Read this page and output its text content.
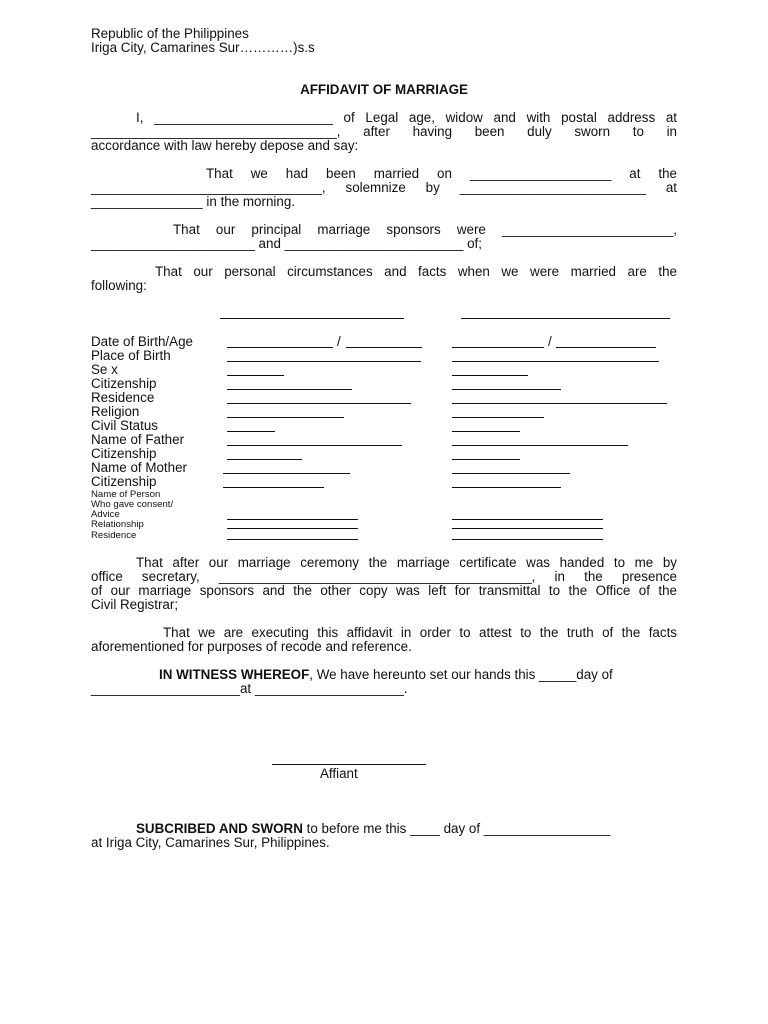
Republic of the Philippines
Iriga City, Camarines Sur…………)s.s
AFFIDAVIT OF MARRIAGE
I, ________________________ of Legal age, widow and with postal address at
_________________________________, after having been duly sworn to in
accordance with law hereby depose and say:
That we had been married on ___________________ at the
_______________________________, solemnize by _________________________ at
_______________ in the morning.
That our principal marriage sponsors were _______________________,
______________________ and ________________________ of;
That our personal circumstances and facts when we were married are the
following:
Date of Birth/Age
Place of Birth
Se x
Citizenship
Residence
Religion
Civil Status
Name of Father
Citizenship
Name of Mother
Citizenship
Name of Person
Who gave consent/
Advice
Relationship
Residence
/	/
That after our marriage ceremony the marriage certificate was handed to me by
office secretary, __________________________________________, in the presence
of our marriage sponsors and the other copy was left for transmittal to the Office of the
Civil Registrar;
That we are executing this affidavit in order to attest to the truth of the facts
aforementioned for purposes of recode and reference.
IN WITNESS WHEREOF, We have hereunto set our hands this _____day of
____________________at ____________________.
Affiant
SUBCRIBED AND SWORN to before me this ____ day of _________________
at Iriga City, Camarines Sur, Philippines.
